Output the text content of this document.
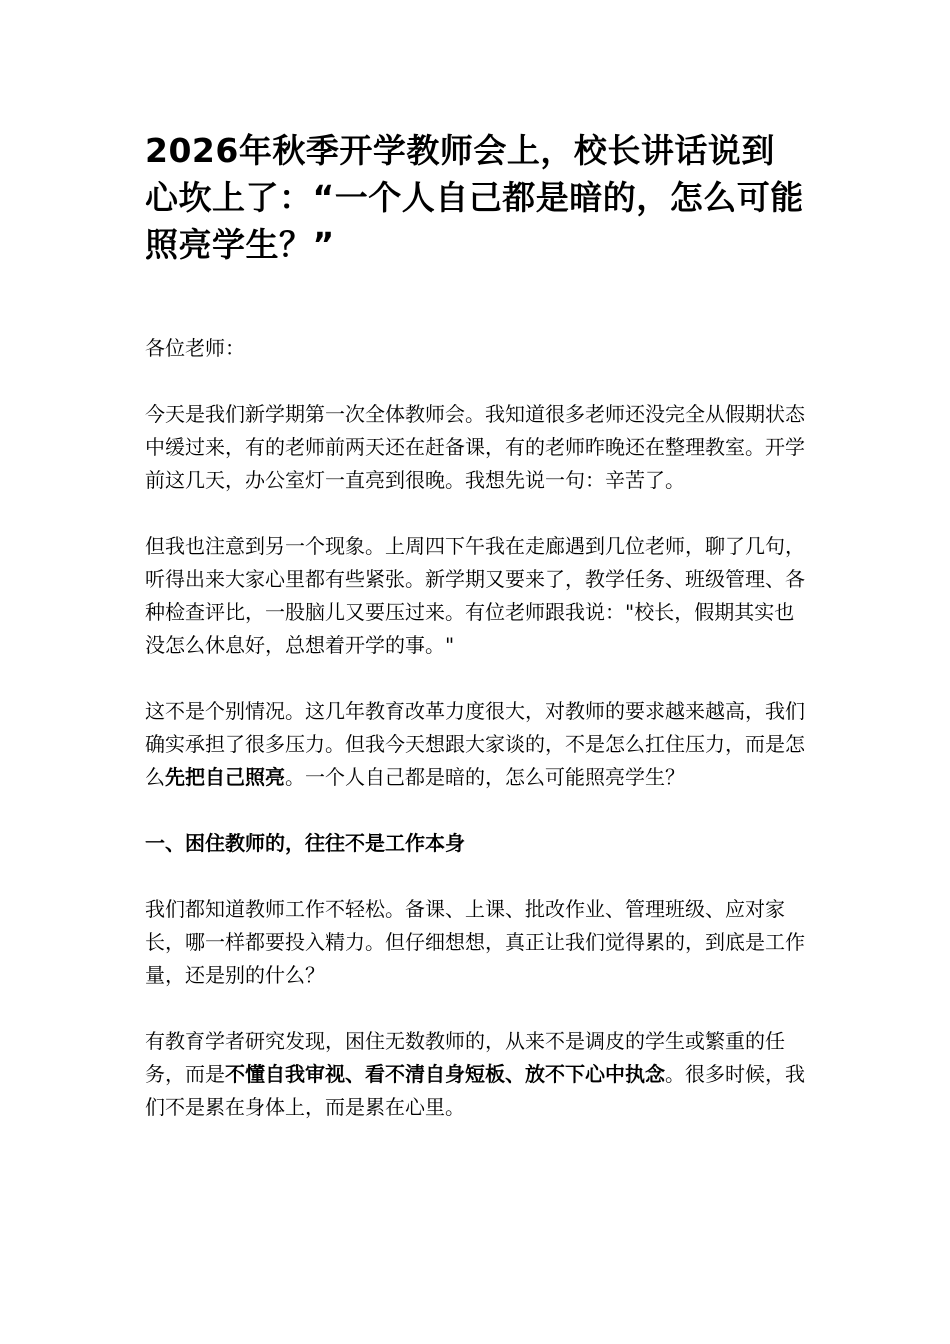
2026年秋季开学教师会上，校长讲话说到心坎上了：“一个人自己都是暗的，怎么可能照亮学生？”

各位老师：

今天是我们新学期第一次全体教师会。我知道很多老师还没完全从假期状态中缓过来，有的老师前两天还在赶备课，有的老师昨晚还在整理教室。开学前这几天，办公室灯一直亮到很晚。我想先说一句：辛苦了。

但我也注意到另一个现象。上周四下午我在走廊遇到几位老师，聊了几句，听得出来大家心里都有些紧张。新学期又要来了，教学任务、班级管理、各种检查评比，一股脑儿又要压过来。有位老师跟我说："校长，假期其实也没怎么休息好，总想着开学的事。"

这不是个别情况。这几年教育改革力度很大，对教师的要求越来越高，我们确实承担了很多压力。但我今天想跟大家谈的，不是怎么扛住压力，而是怎么先把自己照亮。一个人自己都是暗的，怎么可能照亮学生？

一、困住教师的，往往不是工作本身

我们都知道教师工作不轻松。备课、上课、批改作业、管理班级、应对家长，哪一样都要投入精力。但仔细想想，真正让我们觉得累的，到底是工作量，还是别的什么？

有教育学者研究发现，困住无数教师的，从来不是调皮的学生或繁重的任务，而是不懂自我审视、看不清自身短板、放不下心中执念。很多时候，我们不是累在身体上，而是累在心里。
